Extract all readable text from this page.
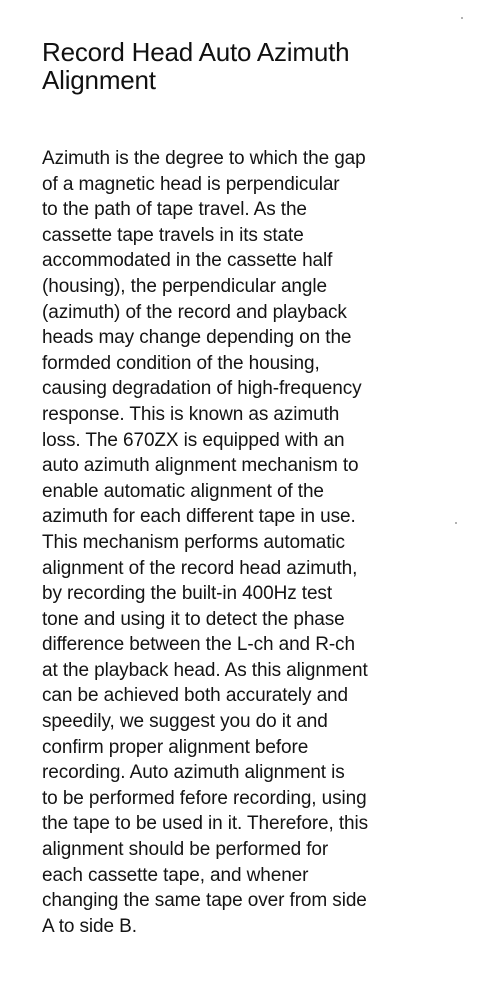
Record Head Auto Azimuth
Alignment
Azimuth is the degree to which the gap
of a magnetic head is perpendicular
to the path of tape travel. As the
cassette tape travels in its state
accommodated in the cassette half
(housing), the perpendicular angle
(azimuth) of the record and playback
heads may change depending on the
formded condition of the housing,
causing degradation of high-frequency
response. This is known as azimuth
loss. The 670ZX is equipped with an
auto azimuth alignment mechanism to
enable automatic alignment of the
azimuth for each different tape in use.
This mechanism performs automatic
alignment of the record head azimuth,
by recording the built-in 400Hz test
tone and using it to detect the phase
difference between the L-ch and R-ch
at the playback head. As this alignment
can be achieved both accurately and
speedily, we suggest you do it and
confirm proper alignment before
recording. Auto azimuth alignment is
to be performed fefore recording, using
the tape to be used in it. Therefore, this
alignment should be performed for
each cassette tape, and whener
changing the same tape over from side
A to side B.
